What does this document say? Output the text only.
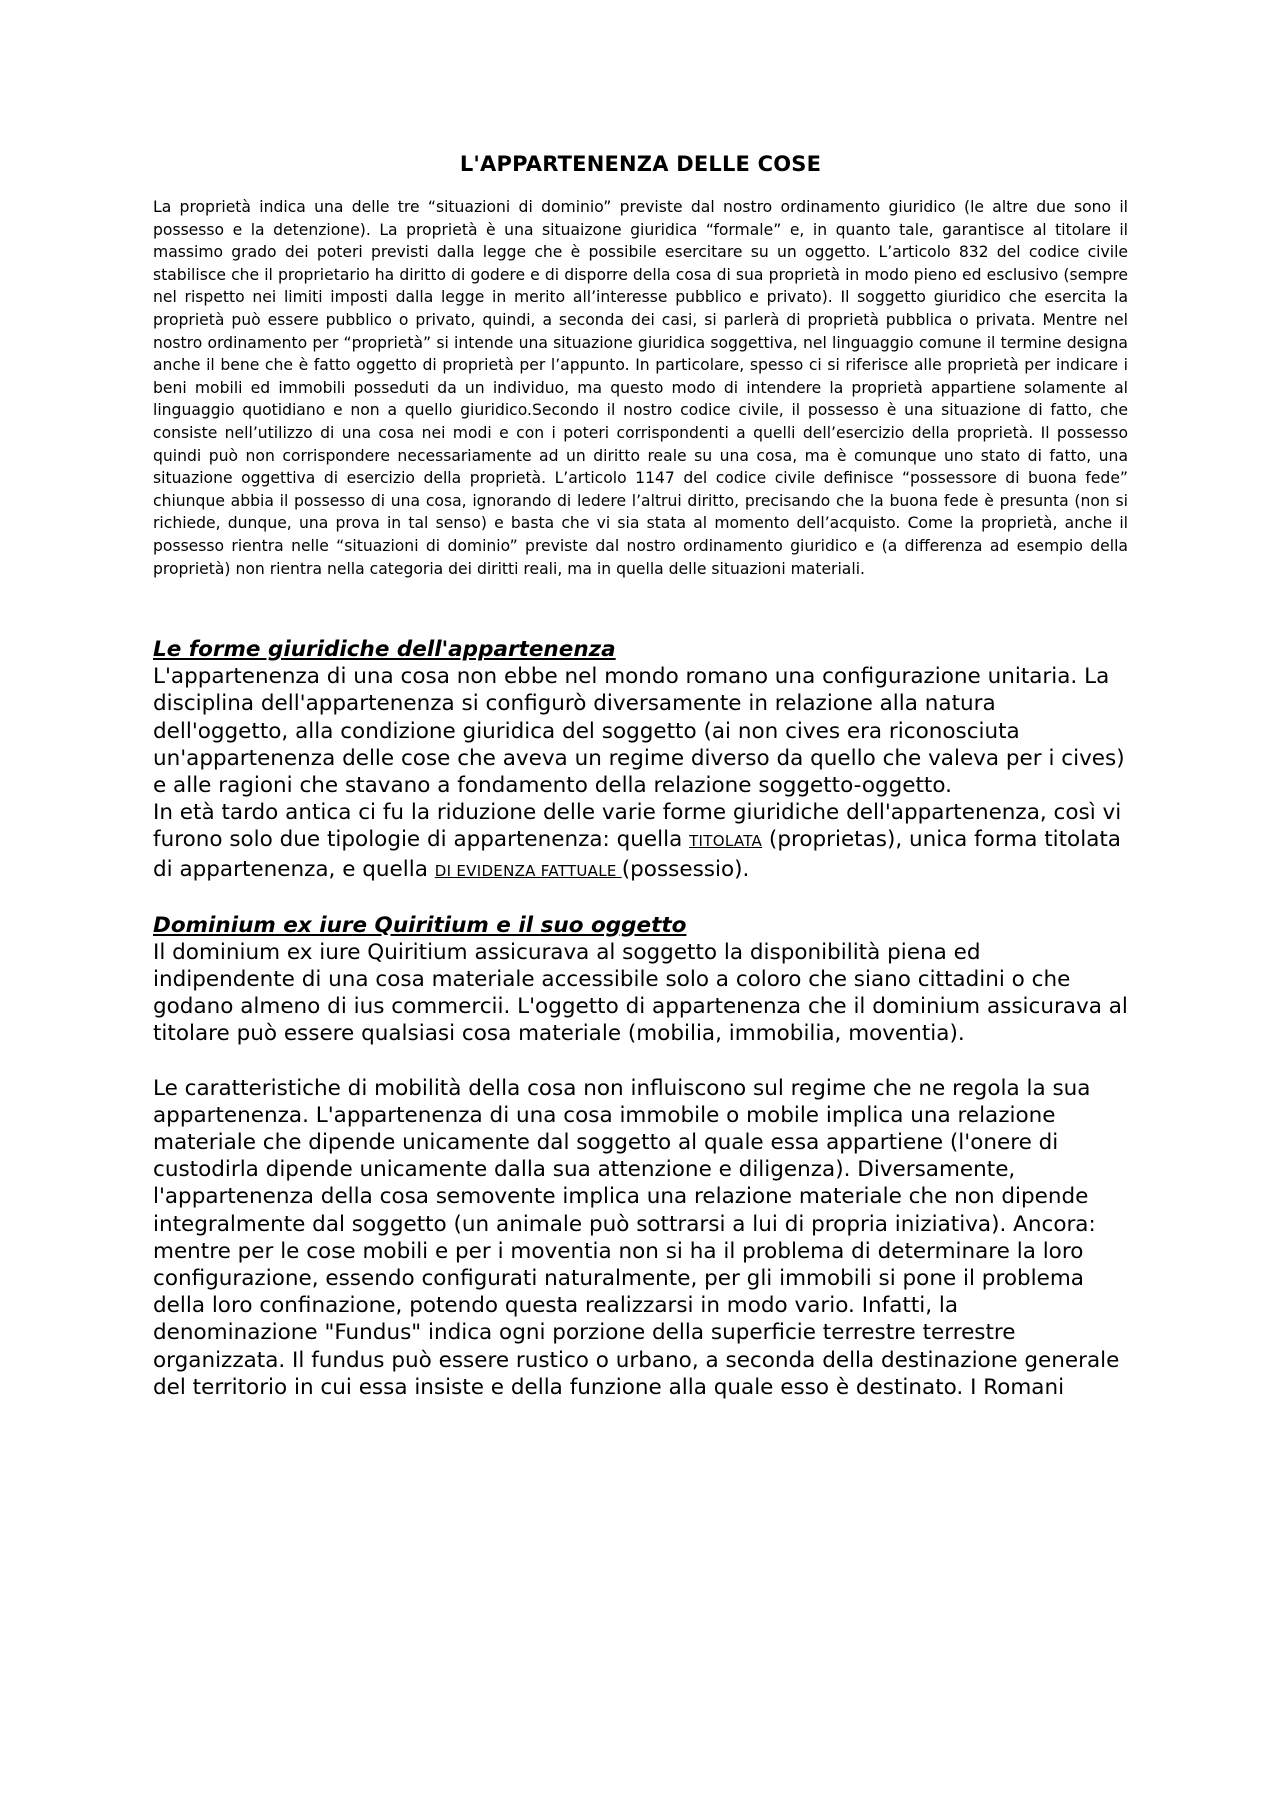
L'APPARTENENZA DELLE COSE

La proprietà indica una delle tre “situazioni di dominio” previste dal nostro ordinamento giuridico (le altre due sono il possesso e la detenzione). La proprietà è una situaizone giuridica “formale” e, in quanto tale, garantisce al titolare il massimo grado dei poteri previsti dalla legge che è possibile esercitare su un oggetto. L’articolo 832 del codice civile stabilisce che il proprietario ha diritto di godere e di disporre della cosa di sua proprietà in modo pieno ed esclusivo (sempre nel rispetto nei limiti imposti dalla legge in merito all’interesse pubblico e privato). Il soggetto giuridico che esercita la proprietà può essere pubblico o privato, quindi, a seconda dei casi, si parlerà di proprietà pubblica o privata. Mentre nel nostro ordinamento per “proprietà” si intende una situazione giuridica soggettiva, nel linguaggio comune il termine designa anche il bene che è fatto oggetto di proprietà per l’appunto. In particolare, spesso ci si riferisce alle proprietà per indicare i beni mobili ed immobili posseduti da un individuo, ma questo modo di intendere la proprietà appartiene solamente al linguaggio quotidiano e non a quello giuridico.Secondo il nostro codice civile, il possesso è una situazione di fatto, che consiste nell’utilizzo di una cosa nei modi e con i poteri corrispondenti a quelli dell’esercizio della proprietà. Il possesso quindi può non corrispondere necessariamente ad un diritto reale su una cosa, ma è comunque uno stato di fatto, una situazione oggettiva di esercizio della proprietà. L’articolo 1147 del codice civile definisce “possessore di buona fede” chiunque abbia il possesso di una cosa, ignorando di ledere l’altrui diritto, precisando che la buona fede è presunta (non si richiede, dunque, una prova in tal senso) e basta che vi sia stata al momento dell’acquisto. Come la proprietà, anche il possesso rientra nelle “situazioni di dominio” previste dal nostro ordinamento giuridico e (a differenza ad esempio della proprietà) non rientra nella categoria dei diritti reali, ma in quella delle situazioni materiali.

Le forme giuridiche dell'appartenenza

L'appartenenza di una cosa non ebbe nel mondo romano una configurazione unitaria. La disciplina dell'appartenenza si configurò diversamente in relazione alla natura dell'oggetto, alla condizione giuridica del soggetto (ai non cives era riconosciuta un'appartenenza delle cose che aveva un regime diverso da quello che valeva per i cives) e alle ragioni che stavano a fondamento della relazione soggetto-oggetto.

In età tardo antica ci fu la riduzione delle varie forme giuridiche dell'appartenenza, così vi furono solo due tipologie di appartenenza: quella TITOLATA (proprietas), unica forma titolata di appartenenza, e quella DI EVIDENZA FATTUALE (possessio).

Dominium ex iure Quiritium e il suo oggetto

Il dominium ex iure Quiritium assicurava al soggetto la disponibilità piena ed indipendente di una cosa materiale accessibile solo a coloro che siano cittadini o che godano almeno di ius commercii. L'oggetto di appartenenza che il dominium assicurava al titolare può essere qualsiasi cosa materiale (mobilia, immobilia, moventia).

Le caratteristiche di mobilità della cosa non influiscono sul regime che ne regola la sua appartenenza. L'appartenenza di una cosa immobile o mobile implica una relazione materiale che dipende unicamente dal soggetto al quale essa appartiene (l'onere di custodirla dipende unicamente dalla sua attenzione e diligenza). Diversamente, l'appartenenza della cosa semovente implica una relazione materiale che non dipende integralmente dal soggetto (un animale può sottrarsi a lui di propria iniziativa). Ancora: mentre per le cose mobili e per i moventia non si ha il problema di determinare la loro configurazione, essendo configurati naturalmente, per gli immobili si pone il problema della loro confinazione, potendo questa realizzarsi in modo vario. Infatti, la denominazione "Fundus" indica ogni porzione della superficie terrestre terrestre organizzata. Il fundus può essere rustico o urbano, a seconda della destinazione generale del territorio in cui essa insiste e della funzione alla quale esso è destinato. I Romani
